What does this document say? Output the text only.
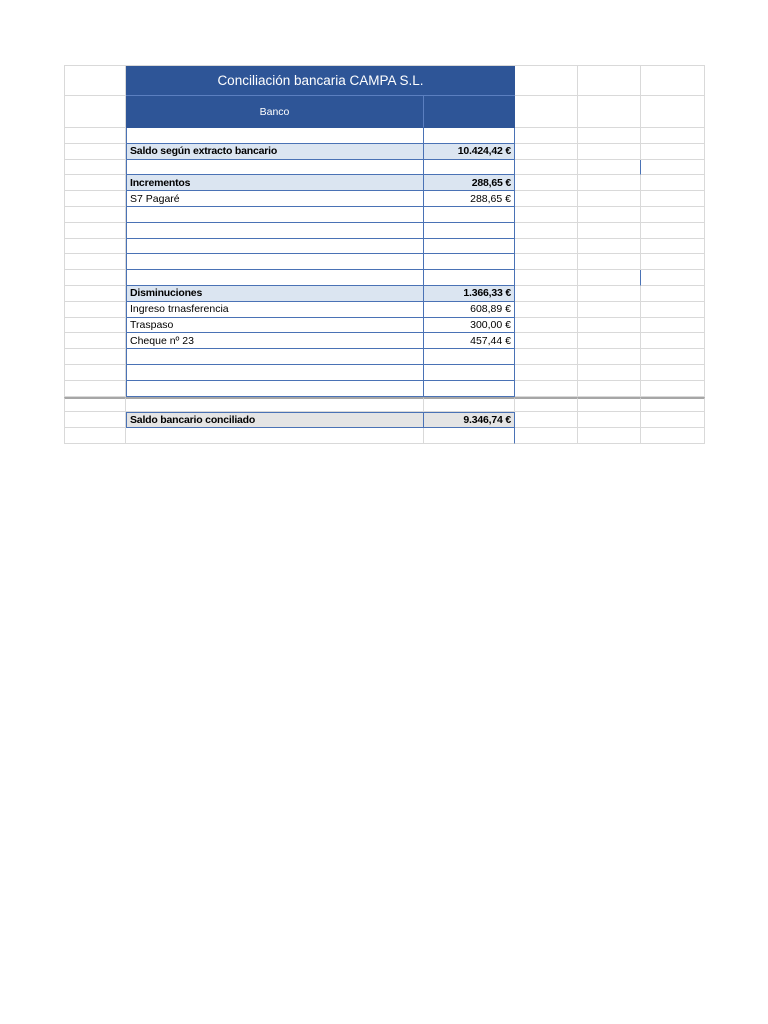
Conciliación bancaria CAMPA S.L.
Banco
Saldo según extracto bancario	10.424,42 €
Incrementos	288,65 €
S7 Pagaré	288,65 €
Disminuciones	1.366,33 €
Ingreso trnasferencia	608,89 €
Traspaso	300,00 €
Cheque nº 23	457,44 €
Saldo bancario conciliado	9.346,74 €
